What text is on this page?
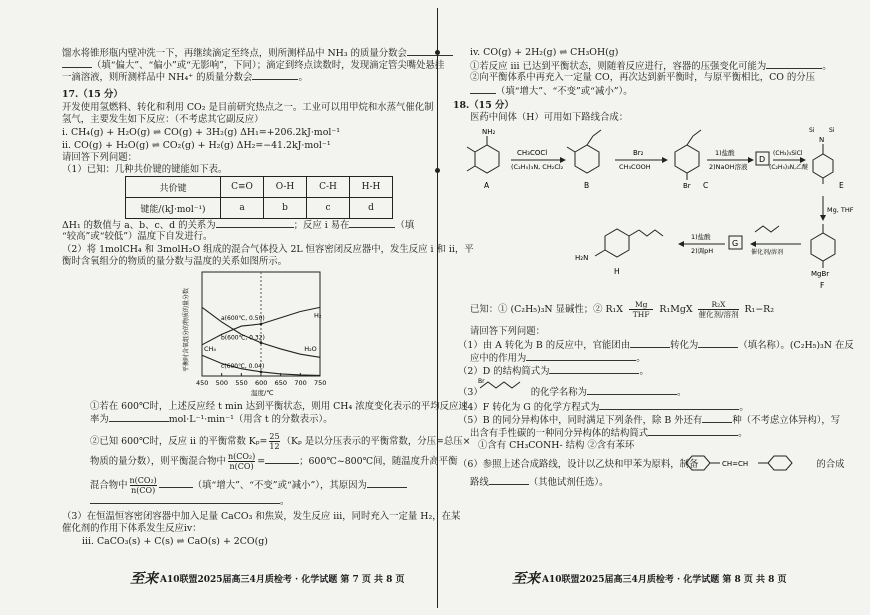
馏水将锥形瓶内壁冲洗一下，再继续滴定至终点，则所测样品中 NH₃ 的质量分数会
（填“偏大”、“偏小”或“无影响”，下同）；滴定到终点读数时，发现滴定管尖嘴处悬挂
一滴溶液，则所测样品中 NH₄⁺ 的质量分数会	。
17.（15 分）
开发使用氢燃料、转化和利用 CO₂ 是目前研究热点之一。工业可以用甲烷和水蒸气催化制
氢气，主要发生如下反应：（不考虑其它副反应）
i. CH₄(g) + H₂O(g) ⇌ CO(g) + 3H₂(g) ΔH₁=+206.2kJ·mol⁻¹
ii. CO(g) + H₂O(g) ⇌ CO₂(g) + H₂(g) ΔH₂=−41.2kJ·mol⁻¹
请回答下列问题：
（1）已知：几种共价键的键能如下表。
共价键	C≡O	O-H	C-H	H-H
键能/(kJ·mol⁻¹)	a	b	c	d
ΔH₁ 的数值与 a、b、c、d 的关系为	；反应 i 易在	（填
“较高”或“较低”）温度下自发进行。
（2）将 1molCH₄ 和 3molH₂O 组成的混合气体投入 2L 恒容密闭反应器中，发生反应 i 和 ii，平
衡时含氧组分的物质的量分数与温度的关系如图所示。
450 500 550 600 650 700 750
温度/℃
平衡时含氧组分的物质的量分数	a(600℃, 0.50)
b(600℃, 0.32)
c(600℃, 0.04)
H₂
H₂O
CH₄
①若在 600℃时，上述反应经 t min 达到平衡状态，则用 CH₄ 浓度变化表示的平均反应速
率为	mol·L⁻¹·min⁻¹（用含 t 的分数表示）。
②已知 600℃时，反应 ii 的平衡常数 $K_p= \frac{25}{12} (K_p$ 是以分压表示的平衡常数，分压=总压×
物质的量分数），则平衡混合物中 $\frac{\text{n(CO₂)}}{n(CO)}$ =	；600℃~800℃间，随温度升高平衡
混合物中 $\frac{\text{n(CO₂)}}{n(CO)}$	（填“增大”、“不变”或“减小”），其原因为
。
（3）在恒温恒容密闭容器中加入足量 CaCO₃ 和焦炭，发生反应 iii，同时充入一定量 H₂，在某
催化剂的作用下体系发生反应iv：
iii. CaCO₃(s) + C(s) ⇌ CaO(s) + 2CO(g)
至来 A10联盟2025届高三4月质检考 · 化学试题 第 7 页 共 8 页
iv. CO(g) + 2H₂(g) ⇌ CH₃OH(g)
①若反应 iii 已达到平衡状态，则随着反应进行，容器的压强变化可能为	。
②向平衡体系中再充入一定量 CO，再次达到新平衡时，与原平衡相比，CO 的分压
（填“增大”、“不变”或“减小”）。
18.（15 分）
医药中间体（H）可用如下路线合成：
NH₂
CH₃COCl
(C₂H₅)₃N, CH₂Cl₂
Br₂
CH₃COOH
Br
1)盐酸
2)NaOH溶液
D
(CH₃)₃SiCl
(C₂H₅)₃N,乙醚
N
Si Si
Mg, THF
MgBr
催化剂/溶剂
G
1)盐酸
2)调pH
H₂N
A	B	C	E
F
H
已知：① (C₂H₅)₃N 显碱性；② R₁X	Mg
THF	R₁MgX	R₂X
催化剂/溶剂 R₁−R₂
请回答下列问题：
（1）由 A 转化为 B 的反应中，官能团由	转化为	（填名称）。(C₂H₅)₃N 在反
应中的作用为	。
（2）D 的结构简式为	。
（3）	的化学名称为	。
Br
（4）F 转化为 G 的化学方程式为	。
（5）B 的同分异构体中，同时满足下列条件，除 B 外还有	种（不考虑立体异构），写
出含有手性碳的一种同分异构体的结构简式	。
①含有 CH₃CONH- 结构 ②含有苯环
（6）参照上述合成路线，设计以乙炔和甲苯为原料，制备	的合成
CH=CH
路线	（其他试剂任选）。
至来 A10联盟2025届高三4月质检考 · 化学试题 第 8 页 共 8 页
